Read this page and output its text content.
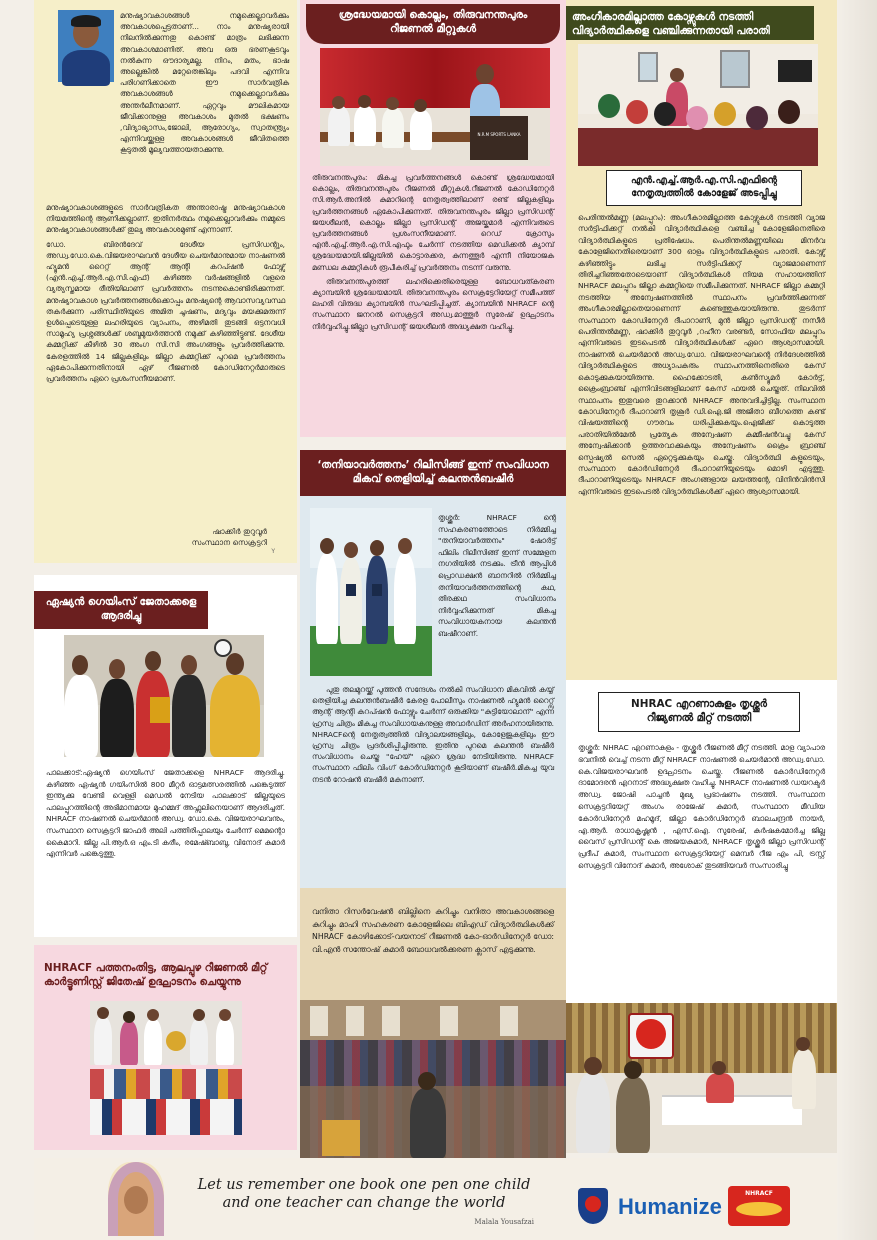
മനുഷ്യാവകാശങ്ങൾ നമുക്കെല്ലാവർക്കും അവകാശപ്പെട്ടതാണ്... നാം മനുഷ്യരായി നിലനിൽക്കുന്നതു കൊണ്ട് മാത്രം ലഭിക്കുന്ന അവകാശമാണിത്. അവ ഒരു ഭരണകൂടവും നൽകുന്ന ഔദാര്യമല്ല. നിറം, മതം, ഭാഷ അല്ലെങ്കിൽ മറ്റേതെങ്കിലും പദവി എന്നിവ പരിഗണിക്കാതെ ഈ സാർവത്രിക അവകാശങ്ങൾ നമുക്കെല്ലാവർക്കും അന്തർലീനമാണ്. ഏറ്റവും മൗലികമായ ജീവിക്കാനുള്ള അവകാശം മുതൽ ഭക്ഷണം ,വിദ്യാഭ്യാസം,ജോലി, ആരോഗ്യം, സ്വാതന്ത്ര്യം എന്നിവയ്ക്കുള്ള അവകാശങ്ങൾ ജീവിതത്തെ കൂടുതൽ മൂല്യവത്തായതാക്കുന്നു.

മനുഷ്യാവകാശങ്ങളുടെ സാർവത്രികത അന്താരാഷ്ട്ര മനുഷ്യാവകാശ നിയമത്തിന്റെ ആണിക്കല്ലാണ്. ഇതിനർത്ഥം നമുക്കെല്ലാവർക്കും നമ്മുടെ മനുഷ്യാവകാശങ്ങൾക്ക് തുല്യ അവകാശമുണ്ട് എന്നാണ്.

ഡോ. ബിരൻദേവ് ദേശീയ പ്രസിഡന്റും, അഡ്വ.ഡോ.കെ.വിജയരാഘവൻ ദേശീയ ചെയർമാനുമായ നാഷണൽ ഹ്യൂമൻ റൈറ്റ് ആന്റ് ആന്റി കറപ്ഷൻ ഫോഴ്സ് (എൻ.എച്ച്.ആർ.എ.സി.എഫ്) കഴിഞ്ഞ വർഷങ്ങളിൽ വളരെ വ്യത്യസ്തമായ രീതിയിലാണ് പ്രവർത്തനം നടന്നുകൊണ്ടിരിക്കുന്നത്. മനുഷ്യാവകാശ പ്രവർത്തനങ്ങൾക്കൊപ്പം മനുഷ്യന്റെ ആവാസവ്യവസ്ഥ തകർക്കുന്ന പരിസ്ഥിതിയുടെ അമിത ചൂഷണം, മദ്യവും മയക്കുമരുന്ന് ഉൾപ്പെടെയുള്ള ലഹരിയുടെ വ്യാപനം, അഴിമതി തുടങ്ങി ഒട്ടനവധി സാമൂഹ്യ പ്രശ്നങ്ങൾക്ക് ശബ്ദമുയർത്താൻ നമുക്ക് കഴിഞ്ഞിട്ടുണ്ട്. ദേശീയ കമ്മറ്റിക്ക് കീഴിൽ 30 അംഗ സി.സി അംഗങ്ങളും പ്രവർത്തിക്കുന്നു. കേരളത്തിൽ 14 ജില്ലകളിലും ജില്ലാ കമ്മറ്റിക്ക് പുറമെ പ്രവർത്തനം ഏകോപിക്കുന്നതിനായി ഏഴ് റീജണൽ കോഡിനേറ്റർമാരുടെ പ്രവർത്തനം ഏറെ പ്രശംസനീയമാണ്.

ഷാക്കിർ തുറുവൂർ
സംസ്ഥാന സെക്രട്ടറി
Y
ശ്രദ്ധേയമായി കൊല്ലം, തിരുവനന്തപുരം റീജണൽ മീറ്റുകൾ
N.R.M SPORTS LANKA

തിരുവനന്തപുരം: മികച്ച പ്രവർത്തനങ്ങൾ കൊണ്ട് ശ്രദ്ധേയമായി കൊല്ലം, തിരുവനന്തപുരം റീജണൽ മീറ്റുകൾ.റീജണൽ കോഡിനേറ്റർ സി.ആർ.അനിൽ കുമാറിന്റെ നേതൃത്വത്തിലാണ് രണ്ട് ജില്ലകളിലും പ്രവർത്തനങ്ങൾ ഏകോപിക്കുന്നത്. തിരുവനന്തപുരം ജില്ലാ പ്രസിഡന്റ് ജയശീലൻ, കൊല്ലം ജില്ലാ പ്രസിഡന്റ് അജയ്കുമാർ എന്നിവരുടെ പ്രവർത്തനങ്ങൾ പ്രശംസനീയമാണ്. റെഡ് ക്രോസും എൻ.എച്ച്.ആർ.എ.സി.എഫും ചേർന്ന് നടത്തിയ മെഡിക്കൽ ക്യാമ്പ് ശ്രദ്ധേയമായി.ജില്ലയിൽ കൊട്ടാരക്കര, കുന്നത്തൂർ എന്നീ നിയോജക മണ്ഡല കമ്മറ്റികൾ രൂപീകരിച്ച് പ്രവർത്തനം നടന്ന് വരുന്നു.

തിരുവനന്തപുരത്ത് ലഹരിക്കെതിരെയുള്ള ബോധവത്കരണ ക്യാമ്പയിൻ ശ്രദ്ധേയമായി. തിരുവനന്തപുരം സെക്രട്ടേറിയേറ്റ് സമീപത്ത് ലഹരി വിരുദ്ധ ക്യാമ്പയിൻ സംഘടിപ്പിച്ചത്. ക്യാമ്പയിൻ NHRACF ന്റെ സംസ്ഥാന ജനറൽ സെക്രട്ടറി അഡ്വ.മാത്തൂർ സുരേഷ് ഉദ്ഘാടനം നിർവ്വഹിച്ചു.ജില്ലാ പ്രസിഡന്റ് ജയശീലൻ അദ്ധ്യക്ഷത വഹിച്ചു.

അംഗീകാരമില്ലാത്ത കോഴ്സുകൾ നടത്തി വിദ്യാർത്ഥികളെ വഞ്ചിക്കുന്നതായി പരാതി
എൻ.എച്ച്.ആർ.എ.സി.എഫിന്റെ നേതൃത്വത്തിൽ കോളേജ് അടപ്പിച്ചു

പെരിന്തൽമണ്ണ (മലപ്പുറം): അംഗീകാരമില്ലാത്ത കോഴ്സുകൾ നടത്തി വ്യാജ സർട്ടിഫിക്കറ്റ് നൽകി വിദ്യാർത്ഥികളെ വഞ്ചിച്ച കോളേജിനെതിരെ വിദ്യാർത്ഥികളുടെ പ്രതിഷേധം. പെരിന്തൽമണ്ണയിലെ മിനർവ കോളേജിനെതിരെയാണ് 300 ഓളം വിദ്യാർത്ഥികളുടെ പരാതി. കോഴ്സ് കഴിഞ്ഞിട്ടും ലഭിച്ച സർട്ടിഫിക്കറ്റ് വ്യാജമാണെന്ന് തിരിച്ചറിഞ്ഞതോടെയാണ് വിദ്യാർത്ഥികൾ നിയമ സഹായത്തിന് NHRACF മലപ്പുറം ജില്ലാ കമ്മറ്റിയെ സമീപിക്കുന്നത്. NHRACF ജില്ലാ കമ്മറ്റി നടത്തിയ അന്വേഷണത്തിൽ സ്ഥാപനം പ്രവർത്തിക്കുന്നത് അംഗീകാരമില്ലാതെയാണെന്ന് കണ്ടെത്തുകയായിരുന്നു. തുടർന്ന് സംസ്ഥാന കോഡിനേറ്റർ ദീപാറാണി, മുൻ ജില്ലാ പ്രസിഡന്റ് നസീർ പെരിന്തൽമണ്ണ, ഷാക്കിർ തുറുവൂർ ,റഹീന വരണ്ടർ, സോഫിയ മലപ്പുറം എന്നിവരുടെ ഇടപെടൽ വിദ്യാർത്ഥികൾക്ക് ഏറെ ആശ്വാസമായി. നാഷണൽ ചെയർമാൻ അഡ്വ.ഡോ. വിജയരാഘവന്റെ നിർദേശത്തിൽ വിദ്യാർത്ഥികളുടെ അധ്യാപകരും സ്ഥാപനത്തിനെതിരെ കേസ് കൊടുക്കുകയായിരുന്നു. ഹൈക്കോടതി, കൺസ്യൂമർ കോർട്ട്, ക്രൈംബ്രാഞ്ച് എന്നിവിടങ്ങളിലാണ് കേസ് ഫയൽ ചെയ്തത്. നിലവിൽ സ്ഥാപനം ഇതുവരെ തുറക്കാൻ NHRACF അനുവദിച്ചിട്ടില്ല. സംസ്ഥാന കോഡിനേറ്റർ ദീപാറാണി തൃശൂർ ഡി.ഐ.ജി അജിതാ ബീഗത്തെ കണ്ട് വിഷയത്തിന്റെ ഗൗരവം ധരിപ്പിക്കുകയും.ഐജിക്ക് കൊടുത്ത പരാതിയിൽമേൽ പ്രത്യേക അന്വേഷണ കമ്മീഷൻവച്ചു കേസ് അന്വേഷിക്കാൻ ഉത്തരവാക്കുകയും അന്വേഷണം ക്രൈം ബ്രാഞ്ച് സ്പെഷ്യൽ സെൽ ഏറ്റെടുക്കുകയും ചെയ്തു. വിദ്യാർത്ഥി കളുടെയും, സംസ്ഥാന കോർഡിനേറ്റർ ദീപാറാണിയുടെയും മൊഴി എടുത്തു. ദീപാറാണിയുടെയും NHRACF അംഗങ്ങളായ ലയത്തന്റേ, വിനിൻവിൻസി എന്നിവരുടെ ഇടപെടൽ വിദ്യാർത്ഥികൾക്ക് ഏറെ ആശ്വാസമായി.

‘തനിയാവർത്തനം’ റിലീസിങ്ങ് ഇന്ന് സംവിധാന മികവ് തെളിയിച്ച് കലന്തൻബഷീർ

തൃശ്ശൂർ: NHRACF ന്റെ സഹകരണത്തോടെ നിർമ്മിച്ച "തനിയാവർത്തനം" ഷോർട്ട് ഫിലിം റിലീസിങ്ങ് ഇന്ന് സമ്മേളന നഗരിയിൽ നടക്കും. ട്രീൻ ആപ്പിൾ പ്രൊഡക്ഷൻ ബാനറിൽ നിർമ്മിച്ച തനിയാവർത്തനത്തിന്റെ കഥ, തിരക്കഥ സംവിധാനം നിർവ്വഹിക്കുന്നത് മികച്ച സംവിധായകനായ കലന്തൻ ബഷീറാണ്.

പുതു തലമുറയ്ക്ക് പുത്തൻ സന്ദേശം നൽകി സംവിധാന മികവിൽ കയ്യ് തെളിയിച്ച കലന്തൻബഷീർ കേരള പോലീസും നാഷണൽ ഹ്യുമൻ റൈറ്റ്സ് ആന്റ് ആന്റി കറപ്ഷൻ ഫോഴ്സും ചേർന്ന് ഒരുക്കിയ "കുട്ടിയോലാന്" എന്ന ഹ്രസ്വ ചിത്രം മികച്ച സംവിധായകനുള്ള അവാർഡിന് അർഹനായിരുന്നു. NHRACFന്റെ നേതൃത്വത്തിൽ വിദ്യാലയങ്ങളിലും, കോളേജുകളിലും ഈ ഹ്രസ്വ ചിത്രം പ്രദർശിപ്പിച്ചിരുന്നു. ഇതിനു പുറമെ കലന്തൻ ബഷീർ സംവിധാനം ചെയ്ത "ഹേയ്" ഏറെ ശ്രദ്ധ നേടിയിരുന്നു. NHRACF സംസ്ഥാന ഫിലിം വിംഗ് കോർഡിനേറ്റർ കൂടിയാണ് ബഷീർ.മികച്ച യുവ നടൻ റോഷൻ ബഷീർ മകനാണ്.

ഏഷ്യൻ ഗെയിംസ് ജേതാക്കളെ ആദരിച്ചു

പാലക്കാട്:ഏഷ്യൻ ഗെയിംസ് ജേതാക്കളെ NHRACF ആദരിച്ചു. കഴിഞ്ഞ ഏഷ്യൻ ഗയിംസിൽ 800 മീറ്റർ ഓട്ടമത്സരത്തിൽ പങ്കെടുത്ത് ഇന്ത്യക്കു വേണ്ടി വെള്ളി മെഡൽ നേടിയ പാലക്കാട് ജില്ലയുടെ പാലപ്പുറത്തിന്റെ അഭിമാനമായ മുഹമ്മദ് അഫ്സലിനെയാണ് ആദരിച്ചത്. NHRACF നാഷണൽ ചെയർമാൻ അഡ്വ. ഡോ.കെ. വിജയരാഘവനും, സംസ്ഥാന സെക്രട്ടറി ജാഫർ അലി പത്തിരിപ്പാലയും ചേർന്ന് മെമന്റൊ കൈമാറി. ജില്ല പി.ആർ.ഒ എം.ടി കരീം, രമേഷ്ബാബു, വിനോദ് കുമാർ എന്നിവർ പങ്കെടുത്തു.

NHRAC എറണാകുളം തൃശ്ശൂർ റീജ്യണൽ മീറ്റ് നടത്തി

തൃശ്ശൂർ: NHRAC എറണാകുളം - തൃശ്ശൂർ റീജണൽ മീറ്റ് നടത്തി. മാള വ്യാപാര ഭവനിൽ വെച്ച് നടന്ന മീറ്റ് NHRACF നാഷണൽ ചെയർമാൻ അഡ്വ.ഡോ. കെ.വിജയരാഘവൻ ഉദ്ഘാടനം ചെയ്തു. റീജണൽ കോർഡിനേറ്റർ ദാമോദരൻ എറനാട് അദ്ധ്യക്ഷത വഹിച്ചു. NHRACF നാഷണൽ ഡയറക്ടർ അഡ്വ. ജോഷി പാച്ചൻ മുഖ്യ പ്രഭാഷണം നടത്തി. സംസ്ഥാന സെക്രട്ടറിയേറ്റ് അംഗം രാജേഷ് കുമാർ, സംസ്ഥാന മീഡിയ കോർഡിനേറ്റർ മഹമൂദ്, ജില്ലാ കോർഡിനേറ്റർ ബാലചന്ദ്രൻ നായർ, എ.ആർ. രാധാകൃഷ്ണൻ , എസ്.ഐ. സുരേഷ്, കർഷകമോർച്ച ജില്ല വൈസ് പ്രസിഡന്റ് കെ അജയകുമാർ, NHRACF തൃശ്ശൂർ ജില്ലാ പ്രസിഡന്റ് പ്രദീപ് കുമാർ, സംസ്ഥാന സെക്രട്ടറിയേറ്റ് മെമ്പർ റീജ എം പി, ട്രസ്റ്റ് സെക്രട്ടറി വിനോദ് കുമാർ, അശോക് തുടങ്ങിയവർ സംസാരിച്ചു

വനിതാ റിസർവേഷൻ ബില്ലിനെ കുറിച്ചും വനിതാ അവകാശങ്ങളെ കുറിച്ചും മാഹി സഹകരണ കോളേജിലെ ബിഎഡ് വിദ്യാർത്ഥികൾക്ക് NHRACF കോഴിക്കോട്-വയനാട് റീജണൽ കോ-ഓർഡിനേറ്റർ ഡോ: വി.എൻ സന്തോഷ് കുമാർ ബോധവൽക്കരണ ക്ലാസ് എടുക്കുന്നു.

NHRACF പത്തനംതിട്ട, ആലപ്പുഴ റീജണൽ മീറ്റ് കാർട്ടൂണിസ്റ്റ് ജിതേഷ് ഉദ്ഘാടനം ചെയ്യുന്നു
Let us remember one book one pen one child
and one teacher can change the world
Malala Yousafzai
Humanize
NHRACF
